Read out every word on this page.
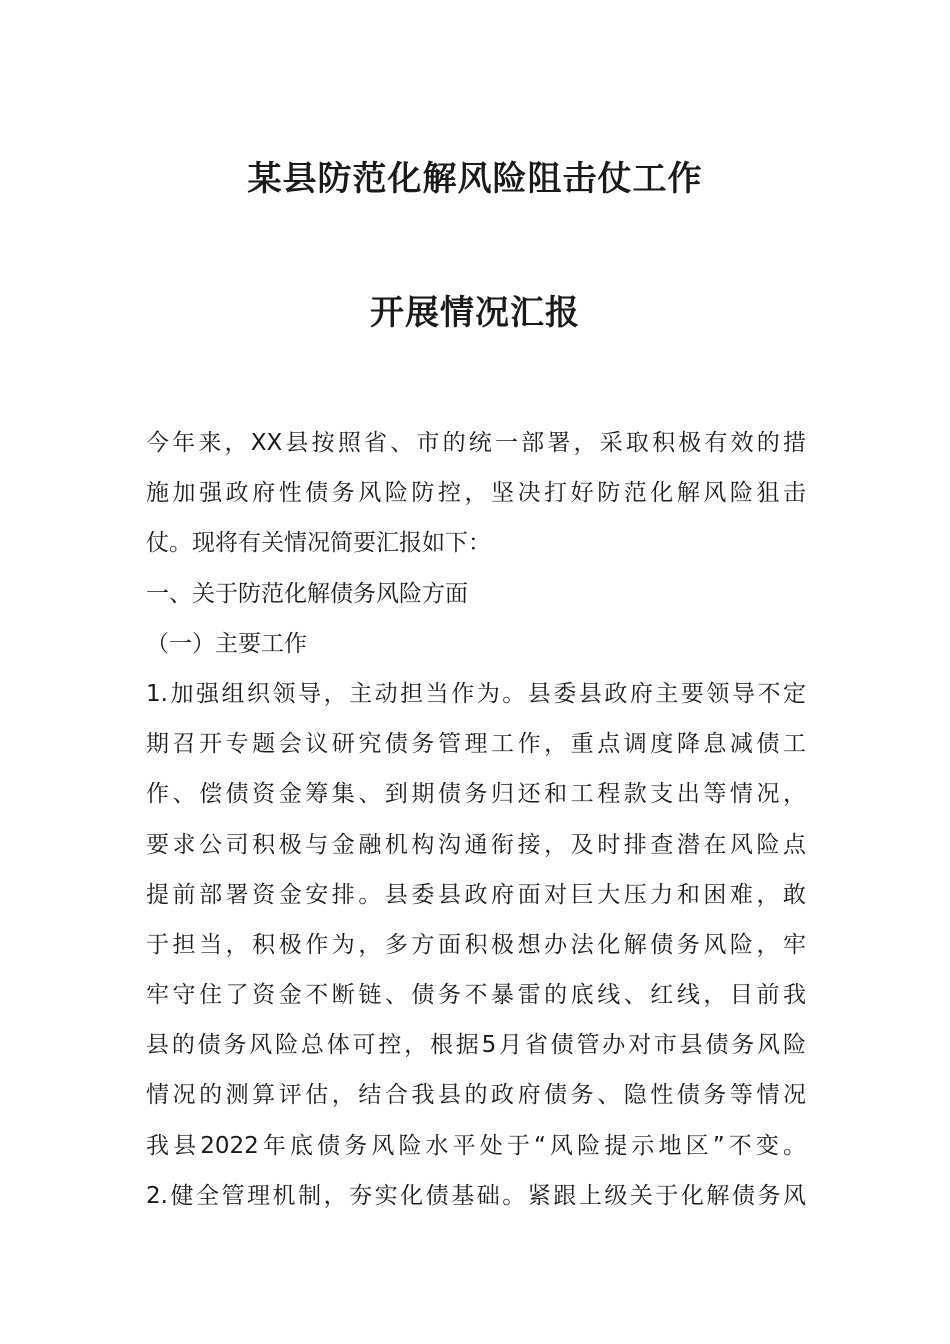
某县防范化解风险阻击仗工作
开展情况汇报
今年来，XX县按照省、市的统一部署，采取积极有效的措
施加强政府性债务风险防控，坚决打好防范化解风险狙击
仗。现将有关情况简要汇报如下：
一、关于防范化解债务风险方面
（一）主要工作
1.加强组织领导，主动担当作为。县委县政府主要领导不定
期召开专题会议研究债务管理工作，重点调度降息减债工
作、偿债资金筹集、到期债务归还和工程款支出等情况，
要求公司积极与金融机构沟通衔接，及时排查潜在风险点
提前部署资金安排。县委县政府面对巨大压力和困难，敢
于担当，积极作为，多方面积极想办法化解债务风险，牢
牢守住了资金不断链、债务不暴雷的底线、红线，目前我
县的债务风险总体可控，根据5月省债管办对市县债务风险
情况的测算评估，结合我县的政府债务、隐性债务等情况
我县2022年底债务风险水平处于“风险提示地区”不变。
2.健全管理机制，夯实化债基础。紧跟上级关于化解债务风
